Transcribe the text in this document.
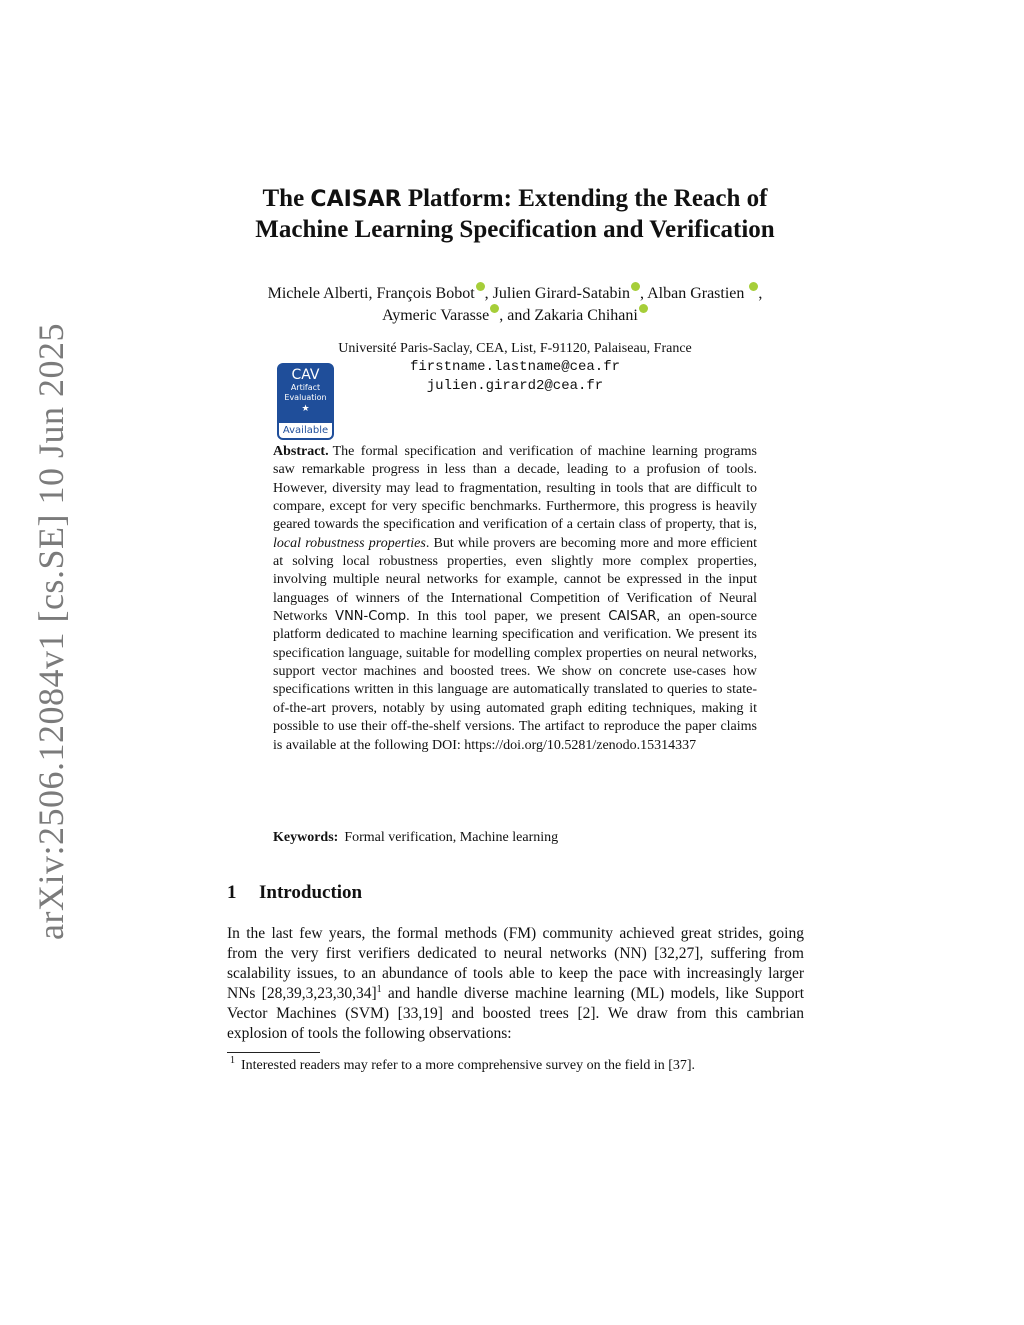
arXiv:2506.12084v1 [cs.SE] 10 Jun 2025
The CAISAR Platform: Extending the Reach of
Machine Learning Specification and Verification
Michele Alberti, François Bobot , Julien Girard-Satabin , Alban Grastien ,
Aymeric Varasse , and Zakaria Chihani
Université Paris-Saclay, CEA, List, F-91120, Palaiseau, France
firstname.lastname@cea.fr
julien.girard2@cea.fr
CAV
Artifact
Evaluation
★
Available
Abstract. The formal specification and verification of machine learning programs saw remarkable progress in less than a decade, leading to a profusion of tools. However, diversity may lead to fragmentation, resulting in tools that are difficult to compare, except for very specific benchmarks. Furthermore, this progress is heavily geared towards the specification and verification of a certain class of property, that is, local robustness properties. But while provers are becoming more and more efficient at solving local robustness properties, even slightly more complex properties, involving multiple neural networks for example, cannot be expressed in the input languages of winners of the International Competition of Verification of Neural Networks VNN-Comp. In this tool paper, we present CAISAR, an open-source platform dedicated to machine learning specification and verification. We present its specification language, suitable for modelling complex properties on neural networks, support vector machines and boosted trees. We show on concrete use-cases how specifications written in this language are automatically translated to queries to state-of-the-art provers, notably by using automated graph editing techniques, making it possible to use their off-the-shelf versions. The artifact to reproduce the paper claims is available at the following DOI: https://doi.org/10.5281/zenodo.15314337
Keywords: Formal verification, Machine learning
1 Introduction
In the last few years, the formal methods (FM) community achieved great strides, going from the very first verifiers dedicated to neural networks (NN) [32,27], suffering from scalability issues, to an abundance of tools able to keep the pace with increasingly larger NNs $[28,39,3,23,30,34]^1$ and handle diverse machine learning (ML) models, like Support Vector Machines (SVM) [33,19] and boosted trees [2]. We draw from this cambrian explosion of tools the following observations:
$^1$ Interested readers may refer to a more comprehensive survey on the field in [37].
